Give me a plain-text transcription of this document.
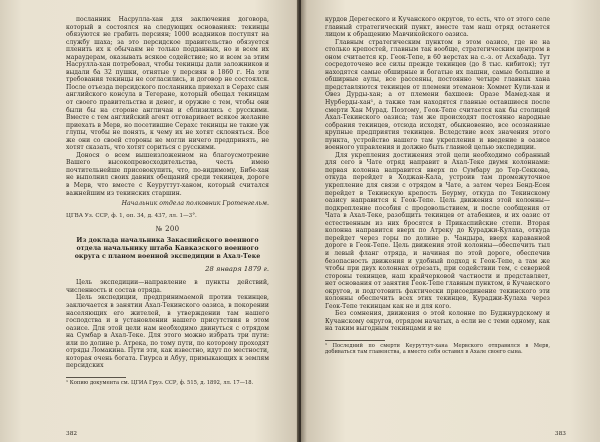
посланник Насрулла-хан для заключения договора, который в состоялся на следующих основаниях: текинцы обязуются не грабить персиян; 1000 всадников поступят на службу шаха; за это персидское правительство обязуется пленить их к обычаям не только подданных, но и всем их мараудерам, оказывать всякое содействие; но и всем за этим Насрулла-хан потребовал, чтобы текинцы дали заложников и выдали ба 32 пушки, отнятые у персиян в 1860 г. На эти требования текинцы не согласились, и договор не состоялся. После отъезда персидского посланника приехал в Серахс сын английского консула в Тегеране, который обещал текинцам от своего правительства и денег, и оружие с тем, чтобы они были бы на стороне англичан и сблизились с русскими. Вместе с тем английский агент отговаривает всякое желание приехать в Мерв, но посетившие Серахс текинцы не такие уж глупы, чтобы не понять, к чему их не хотят склоняться. Все же они со своей стороны не могли ничего предпринять, не хотят сказать, что хотят сориться с русскими.

Донося о всем вышеизложенном на благоусмотрение Вашего высокопревосходительства, честь имею почтительнейше присовокупить, что, по-видимому, Бибе-хан не выполнил своих давних обещаний среди текинцев, дороге в Мерв, что вместе с Кеуруттут-ханом, который считался важнейшим из текинских старшин.

Начальник отдела полковник Гротенгельм.

ЦГВА Уз. ССР, ф. 1, оп. 34, д. 437, лл. 1—3°.

№ 200
Из доклада начальника Закаспийского военного отдела начальнику штаба Кавказского военного округа с планом военной экспедиции в Ахал-Теке
28 января 1879 г.

Цель экспедиции—направление в пункты действий, численность и состав отряда.

Цель экспедиции, предпринимаемой против текинцев, заключается в занятии Ахал-Текинского оазиса, в покорении населяющих его жителей, в утверждении там нашего господства и в установлении нашего присутствия в этом оазисе. Для этой цели нам необходимо двинуться с отрядом на Сумбар в Ахал-Теке. Для этого можно избрать три пути: или по долине р. Атрека, по тому пути, по которому проходят отряды Ломакина. Пути эти, как известно, идут по местности, которая очень богата. Гиурса и Абуу, примыкающих к землям персидских

¹ Копию документа см. ЦГИА Груз. ССР, ф. 515, д. 1892, лл. 17—18.

382

курдов Дерегеского и Кучанского округов, то есть, что от этого селе главный стратегический пункт, вместе там наш отряд останется лицом к обращению Мавчикойского оазиса.

Главным стратегическим пунктом в этом оазисе, где не на столько крепостей, главным так вообще, стратегическим центром в оном считается кр. Геок-Тепе, в 60 верстах на с.-з. от Асхабада. Тут сосредоточено все силы прежде текинцев (до 8 тыс. кибиток); тут находятся самые обширные и богатые их пашни, самые большие и обширные аулы, все рассеяны, постоянно четыре главных хана представляются текинцев от племени этеманов: Хоммет Кули-хан и Овез Дурды-хан; а от племени бахшеев: Оразе Мамед-хан и Нурберды-хан¹, а также там находятся главные оставшиеся после смерти Хан Мурад. Поэтому, Геок-Тепе считается как бы столицей Ахал-Текинского оазиса; там же происходят постоянно народные собрания текинцев, отсюда исходят, обыкновенно, все осознанные крупные предприятия текинцев. Вследствие всех значения этого пункта, устройство нашего там укрепления и введение в оазисе военного управления и должно быть главной целью экспедиции.

Для укрепления достижения этой цели необходимо собранный для сего в Чате отряд направит в Ахал-Теке двумя колоннами: первая колонна направится вверх по Сумбару до Тер-Секкова, откуда перейдет в Ходжан-Кала, устроив там промежуточное укрепление для связи с отрядом в Чате, а затем через Бенд-Есен перейдет в Текинскую крепость Беурму, откуда по Текинскому оазису направится к Геок-Тепе. Цель движения этой колонны—подкрепление пособия с продовольствием, и после сообщения от Чата в Ахал-Теке, разобщить текинцев от атабекиев, и их оазис от естественным из них бросятся в Прикаспийские степи. Вторая колонна направится вверх по Атреку до Кураджи-Кулаха, откуда перейдет через горы по долине р. Чандыра, вверх караванной дороге в Геок-Тепе. Цель движения этой колонны—обеспечить тыл и левый фланг отряда, и начиная по этой дороге, обеспечив безопасность движения и удобный подход к Геок-Тепе, а там же чтобы при двух колоннах отрезать, при содействии тем, с северной стороны текинцев, наш крайчерковой частности и представляет, нет основания от занятия Геок-Тепе главным пунктом, в Кучанского округов, и подготовить фактически присоединение текинского эти колонны обеспечить всех этих текинцев, Кураджи-Кулаха через Геок-Тепе текинцам как не и для кого.

Без сомнения, движения о этой колонне по Буджнурдскому и Кучанскому округов, отрядом начатых, а если не с теми одному, как на таким выгодным текинцами и не

¹ Последний по смерти Кеуруттут-хана Мервского отправился в Мерв, добиваться там главенства, а вместо себя оставил в Ахале своего сына.

383
